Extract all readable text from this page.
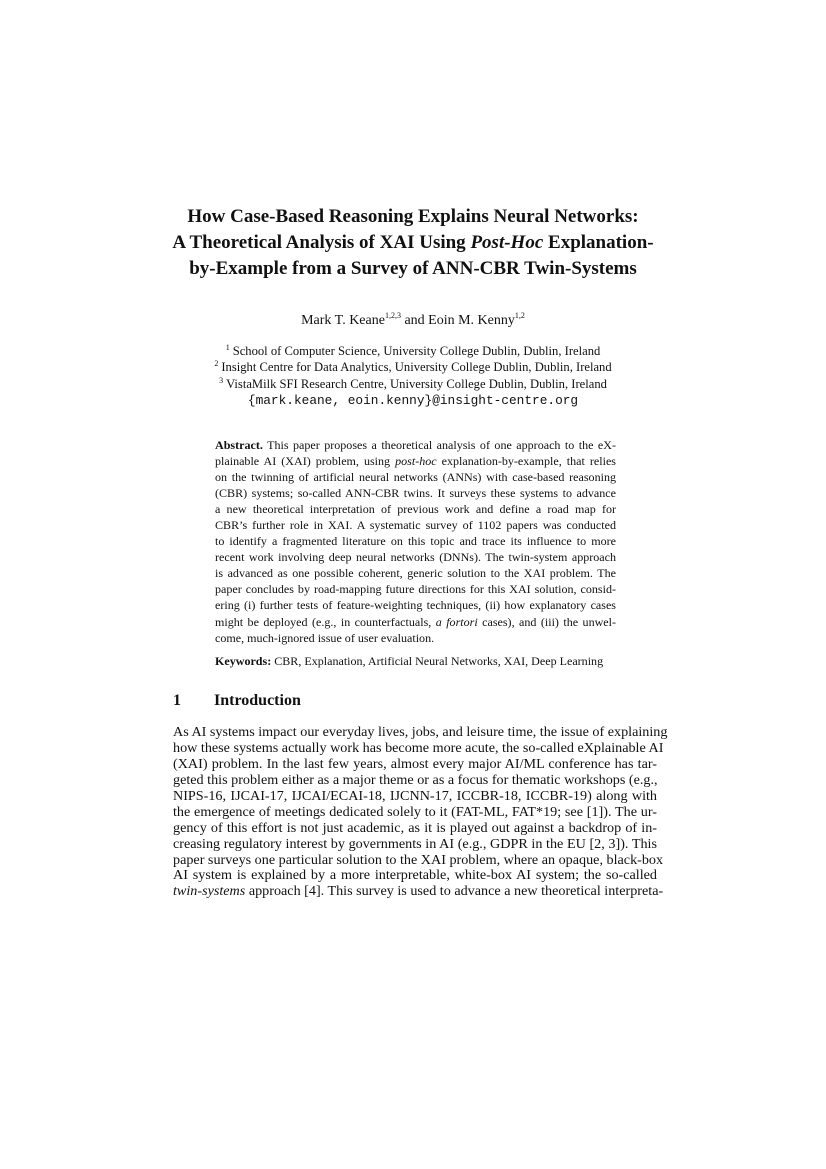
How Case-Based Reasoning Explains Neural Networks:
A Theoretical Analysis of XAI Using Post-Hoc Explanation-
by-Example from a Survey of ANN-CBR Twin-Systems
Mark T. Keane$^{1,2,3}$ and Eoin M. Kenny$^{1,2}$
$^1$ School of Computer Science, University College Dublin, Dublin, Ireland
$^2$ Insight Centre for Data Analytics, University College Dublin, Dublin, Ireland
$^3$ VistaMilk SFI Research Centre, University College Dublin, Dublin, Ireland
{mark.keane, eoin.kenny}@insight-centre.org
Abstract. This paper proposes a theoretical analysis of one approach to the eX-
plainable AI (XAI) problem, using post-hoc explanation-by-example, that relies
on the twinning of artificial neural networks (ANNs) with case-based reasoning
(CBR) systems; so-called ANN-CBR twins. It surveys these systems to advance
a new theoretical interpretation of previous work and define a road map for
CBR’s further role in XAI. A systematic survey of 1102 papers was conducted
to identify a fragmented literature on this topic and trace its influence to more
recent work involving deep neural networks (DNNs). The twin-system approach
is advanced as one possible coherent, generic solution to the XAI problem. The
paper concludes by road-mapping future directions for this XAI solution, consid-
ering (i) further tests of feature-weighting techniques, (ii) how explanatory cases
might be deployed (e.g., in counterfactuals, a fortori cases), and (iii) the unwel-
come, much-ignored issue of user evaluation.
Keywords: CBR, Explanation, Artificial Neural Networks, XAI, Deep Learning
1 Introduction
As AI systems impact our everyday lives, jobs, and leisure time, the issue of explaining
how these systems actually work has become more acute, the so-called eXplainable AI
(XAI) problem. In the last few years, almost every major AI/ML conference has tar-
geted this problem either as a major theme or as a focus for thematic workshops (e.g.,
NIPS-16, IJCAI-17, IJCAI/ECAI-18, IJCNN-17, ICCBR-18, ICCBR-19) along with
the emergence of meetings dedicated solely to it (FAT-ML, FAT*19; see [1]). The ur-
gency of this effort is not just academic, as it is played out against a backdrop of in-
creasing regulatory interest by governments in AI (e.g., GDPR in the EU [2, 3]). This
paper surveys one particular solution to the XAI problem, where an opaque, black-box
AI system is explained by a more interpretable, white-box AI system; the so-called
twin-systems approach [4]. This survey is used to advance a new theoretical interpreta-
